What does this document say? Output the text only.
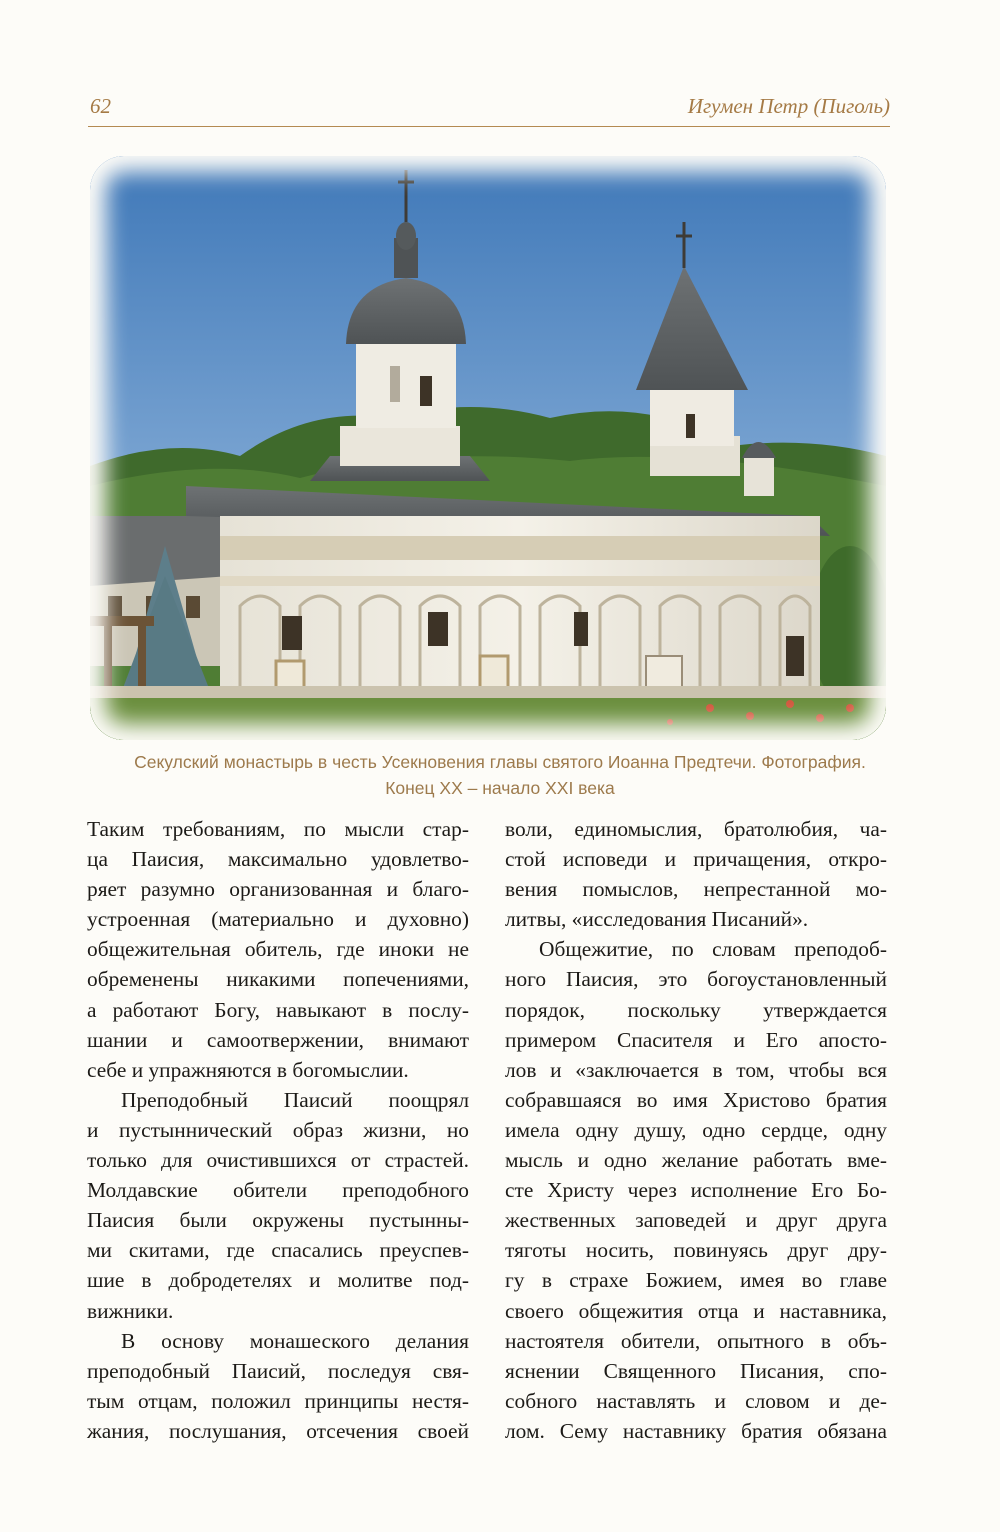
62	Игумен Петр (Пиголь)
Секулский монастырь в честь Усекновения главы святого Иоанна Предтечи. Фотография.
Конец XX – начало XXI века
Таким требованиям, по мысли стар-
ца Паисия, максимально удовлетво-
ряет разумно организованная и благо-
устроенная (материально и духовно)
общежительная обитель, где иноки не
обременены никакими попечениями,
а работают Богу, навыкают в послу-
шании и самоотвержении, внимают
себе и упражняются в богомыслии.
Преподобный Паисий поощрял
и пустыннический образ жизни, но
только для очистившихся от страстей.
Молдавские обители преподобного
Паисия были окружены пустынны-
ми скитами, где спасались преуспев-
шие в добродетелях и молитве под-
вижники.
В основу монашеского делания
преподобный Паисий, последуя свя-
тым отцам, положил принципы нестя-
жания, послушания, отсечения своей
воли, единомыслия, братолюбия, ча-
стой исповеди и причащения, откро-
вения помыслов, непрестанной мо-
литвы, «исследования Писаний».
Общежитие, по словам преподоб-
ного Паисия, это богоустановленный
порядок, поскольку утверждается
примером Спасителя и Его апосто-
лов и «заключается в том, чтобы вся
собравшаяся во имя Христово братия
имела одну душу, одно сердце, одну
мысль и одно желание работать вме-
сте Христу через исполнение Его Бо-
жественных заповедей и друг друга
тяготы носить, повинуясь друг дру-
гу в страхе Божием, имея во главе
своего общежития отца и наставника,
настоятеля обители, опытного в объ-
яснении Священного Писания, спо-
собного наставлять и словом и де-
лом. Сему наставнику братия обязана
